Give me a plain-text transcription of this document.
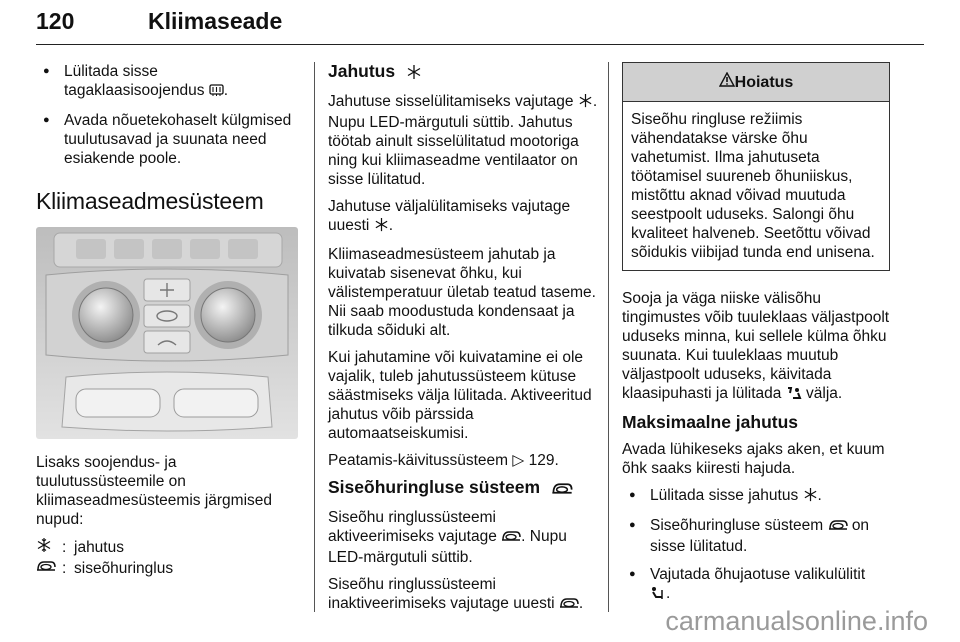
120	Kliimaseade
● Lülitada sisse tagaklaasisoojendus .
● Avada nõuetekohaselt külgmised tuulutusavad ja suunata need esiakende poole.
Kliimaseadmesüsteem

Lisaks soojendus- ja tuulutussüsteemile on kliimaseadmesüsteemis järgmised nupud:

: jahutus
: siseõhuringlus
Jahutus

Jahutuse sisselülitamiseks vajutage . Nupu LED-märgutuli süttib. Jahutus töötab ainult sisselülitatud mootoriga ning kui kliimaseadme ventilaator on sisse lülitatud.

Jahutuse väljalülitamiseks vajutage uuesti .

Kliimaseadmesüsteem jahutab ja kuivatab sisenevat õhku, kui välistemperatuur ületab teatud taseme. Nii saab moodustuda kondensaat ja tilkuda sõiduki alt.

Kui jahutamine või kuivatamine ei ole vajalik, tuleb jahutussüsteem kütuse säästmiseks välja lülitada. Aktiveeritud jahutus võib pärssida automaatseiskumisi.

Peatamis-käivitussüsteem ▷ 129.

Siseõhuringluse süsteem

Siseõhu ringlussüsteemi aktiveerimiseks vajutage . Nupu LED-märgutuli süttib.

Siseõhu ringlussüsteemi inaktiveerimiseks vajutage uuesti .

Hoiatus
Siseõhu ringluse režiimis vähendatakse värske õhu vahetumist. Ilma jahutuseta töötamisel suureneb õhuniiskus, mistõttu aknad võivad muutuda seestpoolt uduseks. Salongi õhu kvaliteet halveneb. Seetõttu võivad sõidukis viibijad tunda end unisena.

Sooja ja väga niiske välisõhu tingimustes võib tuuleklaas väljastpoolt uduseks minna, kui sellele külma õhku suunata. Kui tuuleklaas muutub väljastpoolt uduseks, käivitada klaasipuhasti ja lülitada välja.

Maksimaalne jahutus

Avada lühikeseks ajaks aken, et kuum õhk saaks kiiresti hajuda.

● Lülitada sisse jahutus .
● Siseõhuringluse süsteem on sisse lülitatud.
● Vajutada õhujaotuse valikulülitit
.
carmanualsonline.info
